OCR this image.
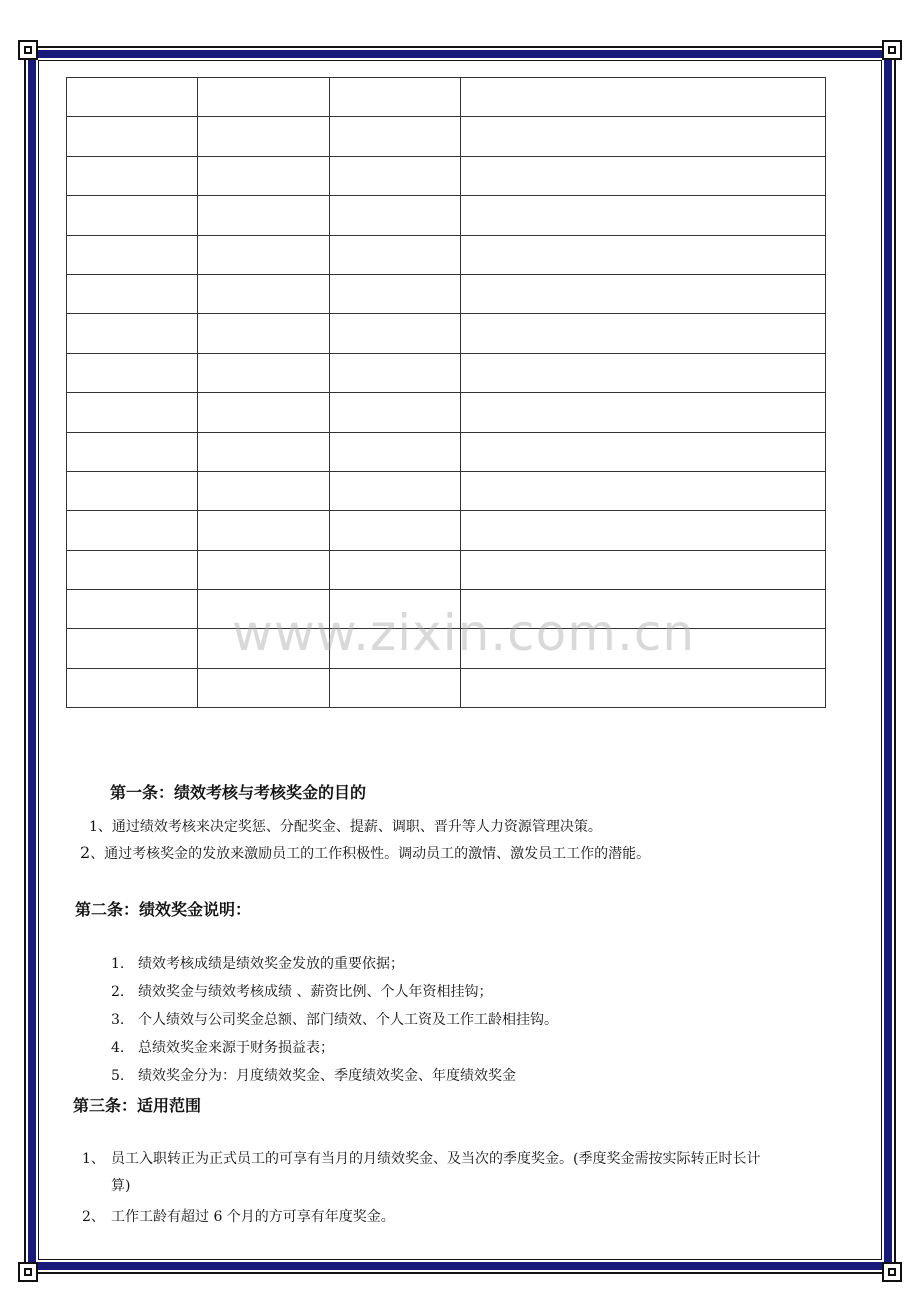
www.zixin.com.cn
第一条：绩效考核与考核奖金的目的
1、通过绩效考核来决定奖惩、分配奖金、提薪、调职、晋升等人力资源管理决策。
2、通过考核奖金的发放来激励员工的工作积极性。调动员工的激情、激发员工工作的潜能。
第二条：绩效奖金说明：
1. 绩效考核成绩是绩效奖金发放的重要依据；
2. 绩效奖金与绩效考核成绩 、薪资比例、个人年资相挂钩；
3. 个人绩效与公司奖金总额、部门绩效、个人工资及工作工龄相挂钩。
4. 总绩效奖金来源于财务损益表；
5. 绩效奖金分为：月度绩效奖金、季度绩效奖金、年度绩效奖金
第三条：适用范围
1、 员工入职转正为正式员工的可享有当月的月绩效奖金、及当次的季度奖金。(季度奖金需按实际转正时长计
算)
2、 工作工龄有超过 6 个月的方可享有年度奖金。
